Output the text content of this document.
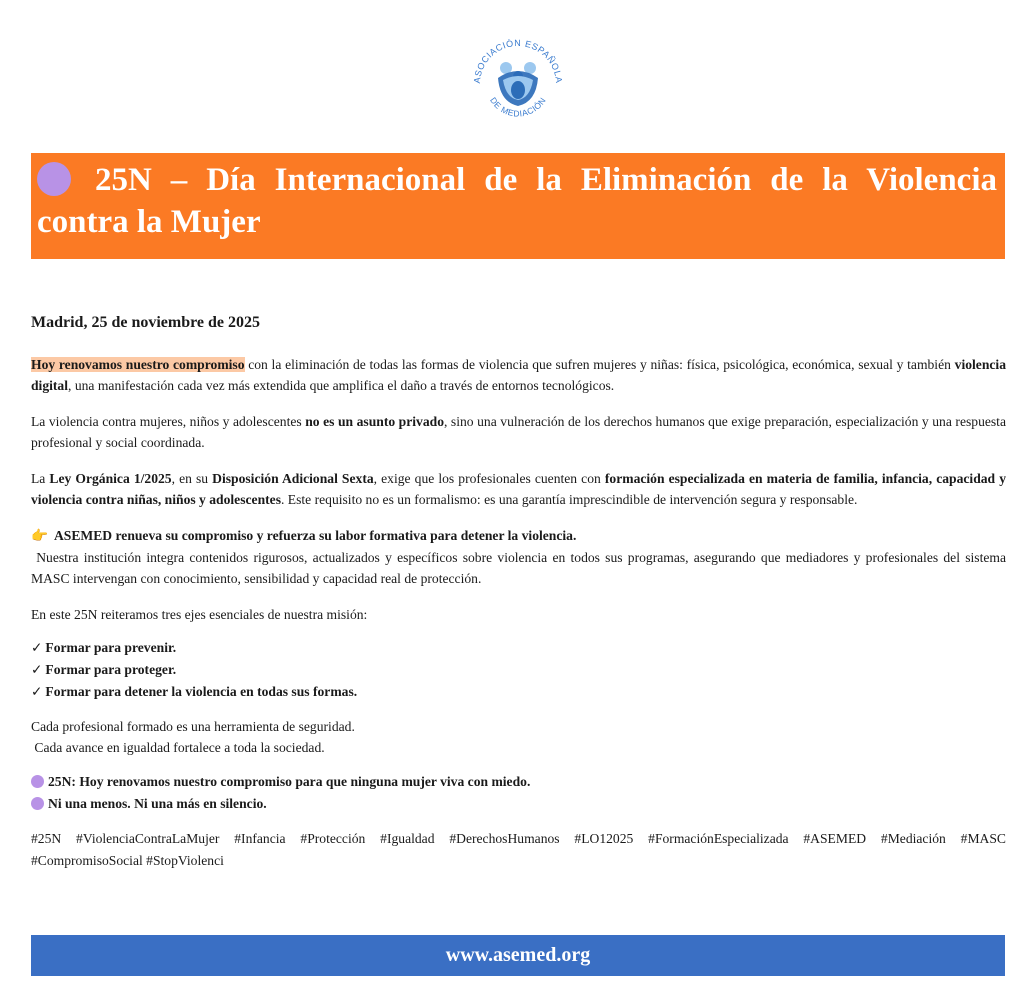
ASOCIACIÓN ESPAÑOLA
DE MEDIACIÓN
25N – Día Internacional de la Eliminación de la Violencia contra la Mujer

Madrid, 25 de noviembre de 2025

Hoy renovamos nuestro compromiso con la eliminación de todas las formas de violencia que sufren mujeres y niñas: física, psicológica, económica, sexual y también violencia digital, una manifestación cada vez más extendida que amplifica el daño a través de entornos tecnológicos.

La violencia contra mujeres, niños y adolescentes no es un asunto privado, sino una vulneración de los derechos humanos que exige preparación, especialización y una respuesta profesional y social coordinada.

La Ley Orgánica 1/2025, en su Disposición Adicional Sexta, exige que los profesionales cuenten con formación especializada en materia de familia, infancia, capacidad y violencia contra niñas, niños y adolescentes. Este requisito no es un formalismo: es una garantía imprescindible de intervención segura y responsable.

👉 ASEMED renueva su compromiso y refuerza su labor formativa para detener la violencia.
Nuestra institución integra contenidos rigurosos, actualizados y específicos sobre violencia en todos sus programas, asegurando que mediadores y profesionales del sistema MASC intervengan con conocimiento, sensibilidad y capacidad real de protección.

En este 25N reiteramos tres ejes esenciales de nuestra misión:

✓ Formar para prevenir.
✓ Formar para proteger.
✓ Formar para detener la violencia en todas sus formas.

Cada profesional formado es una herramienta de seguridad.
Cada avance en igualdad fortalece a toda la sociedad.

25N: Hoy renovamos nuestro compromiso para que ninguna mujer viva con miedo.
Ni una menos. Ni una más en silencio.

#25N #ViolenciaContraLaMujer #Infancia #Protección #Igualdad #DerechosHumanos #LO12025 #FormaciónEspecializada #ASEMED #Mediación #MASC #CompromisoSocial #StopViolenci

www.asemed.org
